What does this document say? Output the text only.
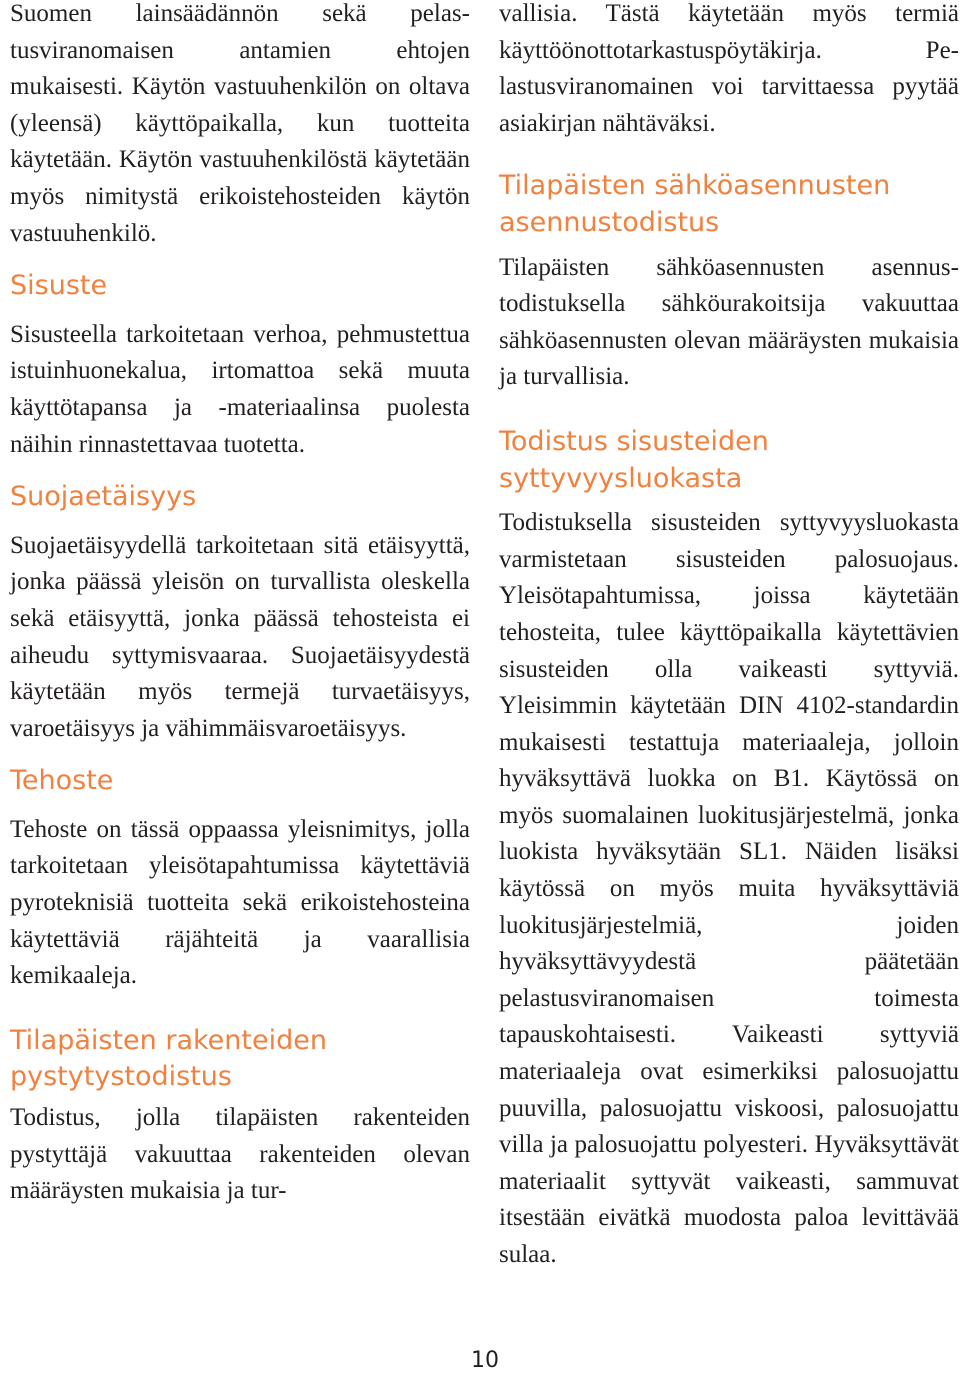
Suomen lainsäädännön sekä pelastusviranomaisen antamien ehtojen mukaisesti. Käytön vastuuhenkilön on oltava (yleensä) käyttöpaikalla, kun tuotteita käytetään. Käytön vastuuhenkilöstä käytetään myös nimitystä erikoistehosteiden käytön vastuuhenkilö.

Sisuste

Sisusteella tarkoitetaan verhoa, pehmustettua istuinhuonekalua, irtomattoa sekä muuta käyttötapansa ja -materiaalinsa puolesta näihin rinnastettavaa tuotetta.

Suojaetäisyys

Suojaetäisyydellä tarkoitetaan sitä etäisyyttä, jonka päässä yleisön on turvallista oleskella sekä etäisyyttä, jonka päässä tehosteista ei aiheudu syttymisvaaraa. Suojaetäisyydestä käytetään myös termejä turvaetäisyys, varoetäisyys ja vähimmäisvaroetäisyys.

Tehoste

Tehoste on tässä oppaassa yleisnimitys, jolla tarkoitetaan yleisötapahtumissa käytettäviä pyroteknisiä tuotteita sekä erikoistehosteina käytettäviä räjähteitä ja vaarallisia kemikaaleja.

Tilapäisten rakenteiden pystytystodistus

Todistus, jolla tilapäisten rakenteiden pystyttäjä vakuuttaa rakenteiden olevan määräysten mukaisia ja tur-

vallisia. Tästä käytetään myös termiä käyttöönottotarkastuspöytäkirja. Pelastusviranomainen voi tarvittaessa pyytää asiakirjan nähtäväksi.

Tilapäisten sähköasennusten asennustodistus

Tilapäisten sähköasennusten asennustodistuksella sähköurakoitsija vakuuttaa sähköasennusten olevan määräysten mukaisia ja turvallisia.

Todistus sisusteiden syttyvyysluokasta

Todistuksella sisusteiden syttyvyysluokasta varmistetaan sisusteiden palosuojaus. Yleisötapahtumissa, joissa käytetään tehosteita, tulee käyttöpaikalla käytettävien sisusteiden olla vaikeasti syttyviä. Yleisimmin käytetään DIN 4102-standardin mukaisesti testattuja materiaaleja, jolloin hyväksyttävä luokka on B1. Käytössä on myös suomalainen luokitusjärjestelmä, jonka luokista hyväksytään SL1. Näiden lisäksi käytössä on myös muita hyväksyttäviä luokitusjärjestelmiä, joiden hyväksyttävyydestä päätetään pelastusviranomaisen toimesta tapauskohtaisesti. Vaikeasti syttyviä materiaaleja ovat esimerkiksi palosuojattu puuvilla, palosuojattu viskoosi, palosuojattu villa ja palosuojattu polyesteri. Hyväksyttävät materiaalit syttyvät vaikeasti, sammuvat itsestään eivätkä muodosta paloa levittävää sulaa.

10
